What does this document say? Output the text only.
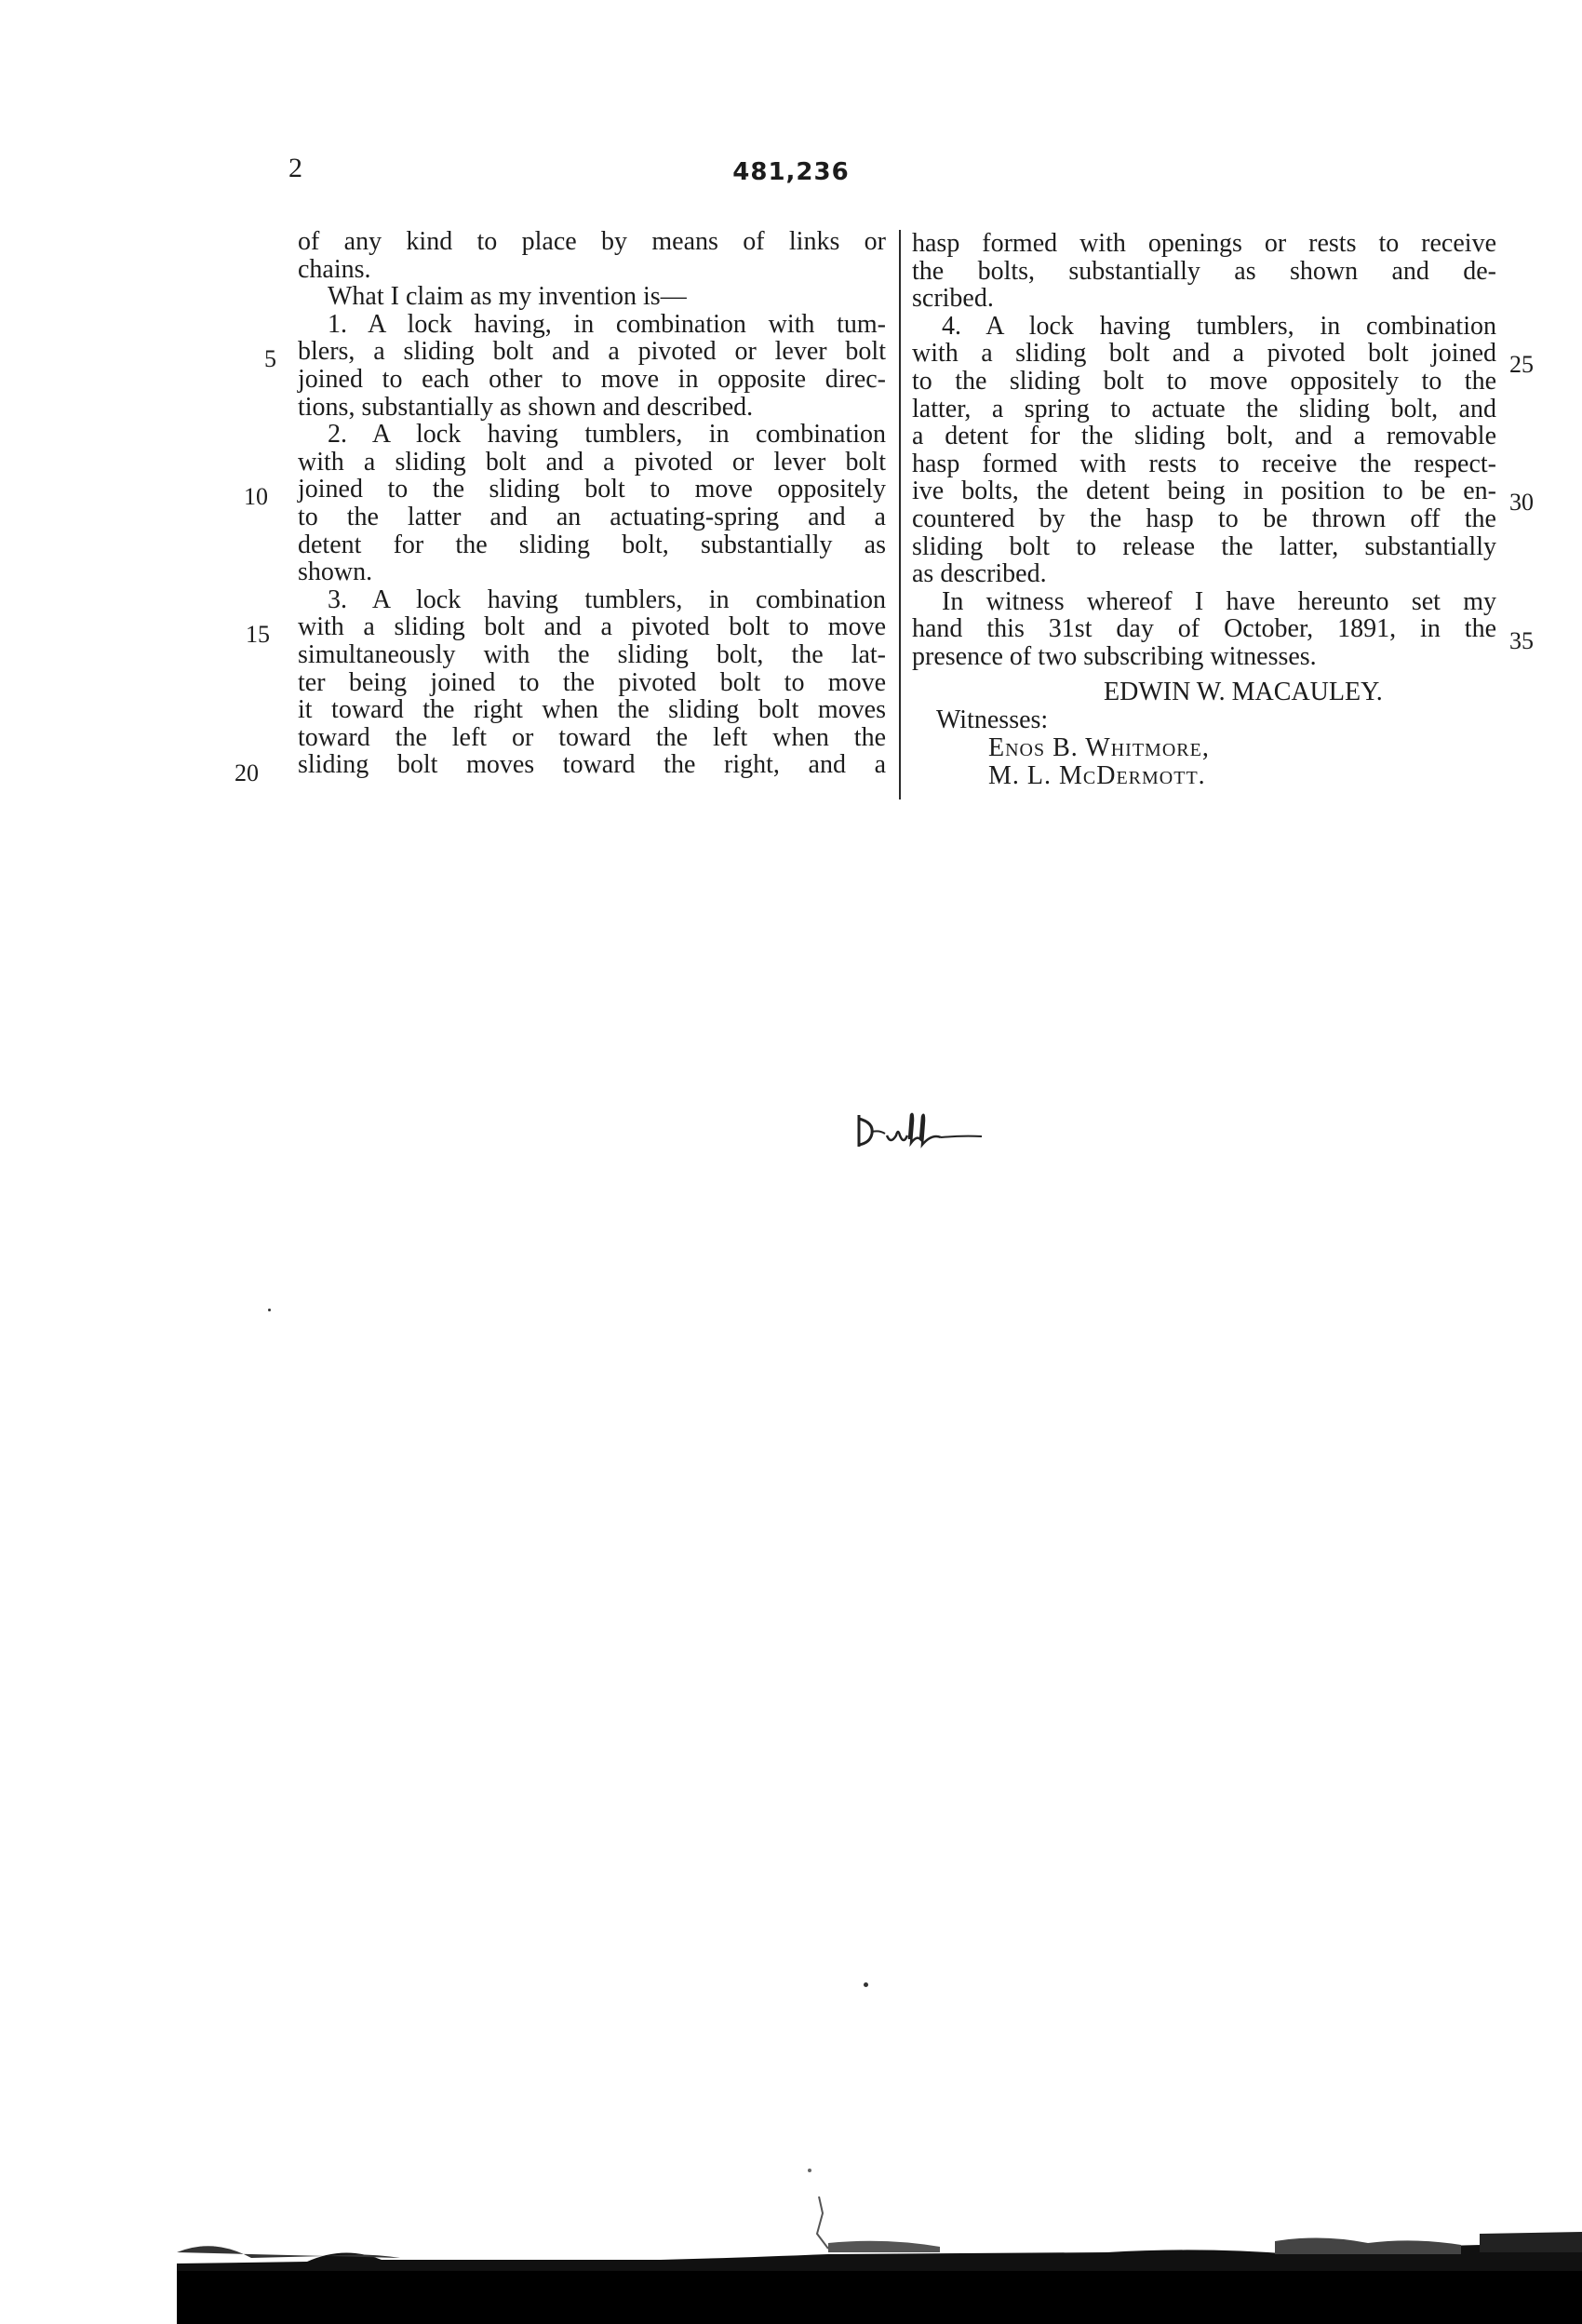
2	481,236
of any kind to place by means of links or
chains.
What I claim as my invention is—
1. A lock having, in combination with tum-
blers, a sliding bolt and a pivoted or lever bolt
joined to each other to move in opposite direc-
tions, substantially as shown and described.
2. A lock having tumblers, in combination
with a sliding bolt and a pivoted or lever bolt
joined to the sliding bolt to move oppositely
to the latter and an actuating-spring and a
detent for the sliding bolt, substantially as
shown.
3. A lock having tumblers, in combination
with a sliding bolt and a pivoted bolt to move
simultaneously with the sliding bolt, the lat-
ter being joined to the pivoted bolt to move
it toward the right when the sliding bolt moves
toward the left or toward the left when the
sliding bolt moves toward the right, and a
5
10
15
20
hasp formed with openings or rests to receive
the bolts, substantially as shown and de-
scribed.
4. A lock having tumblers, in combination
with a sliding bolt and a pivoted bolt joined
to the sliding bolt to move oppositely to the
latter, a spring to actuate the sliding bolt, and
a detent for the sliding bolt, and a removable
hasp formed with rests to receive the respect-
ive bolts, the detent being in position to be en-
countered by the hasp to be thrown off the
sliding bolt to release the latter, substantially
as described.
In witness whereof I have hereunto set my
hand this 31st day of October, 1891, in the
presence of two subscribing witnesses.
25
30
35
EDWIN W. MACAULEY.
Witnesses:
Enos B. Whitmore,
M. L. McDermott.
